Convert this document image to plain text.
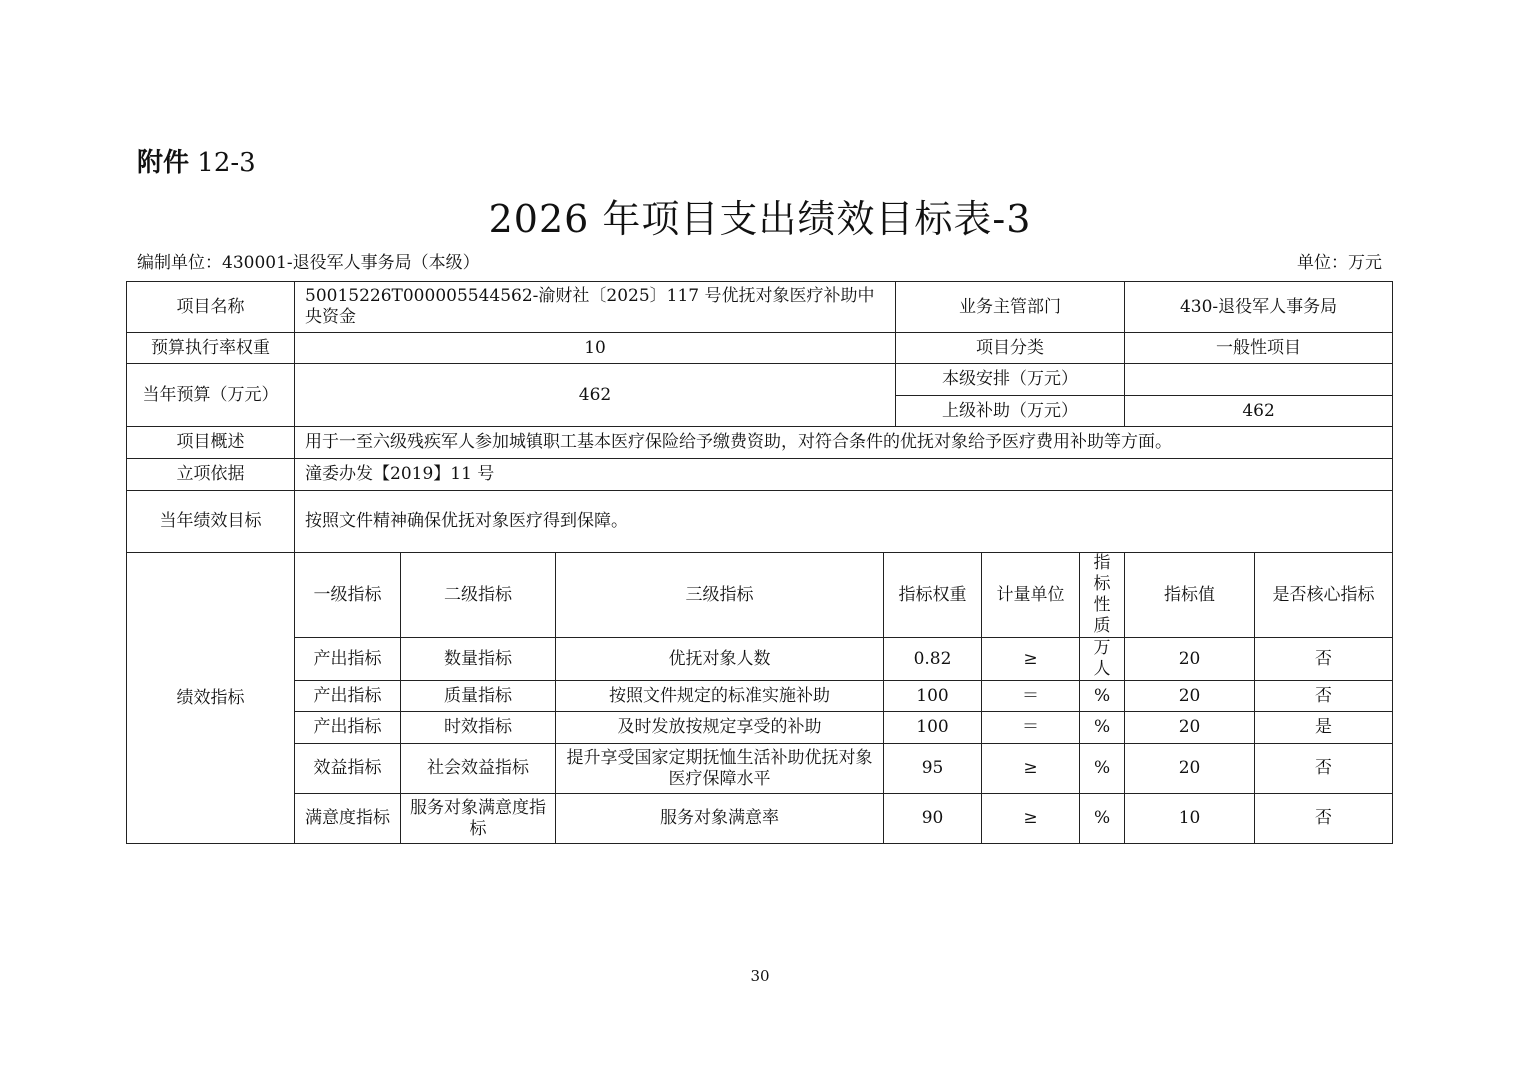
附件 12-3
2026 年项目支出绩效目标表-3
编制单位：430001-退役军人事务局（本级）	单位：万元
项目名称	50015226T000005544562-渝财社〔2025〕117 号优抚对象医疗补助中央资金				业务主管部门			430-退役军人事务局	
预算执行率权重	10				项目分类			一般性项目	
当年预算（万元）	462				本级安排（万元）				
					上级补助（万元）			462	
项目概述	用于一至六级残疾军人参加城镇职工基本医疗保险给予缴费资助，对符合条件的优抚对象给予医疗费用补助等方面。								
立项依据	潼委办发【2019】11 号								
当年绩效目标	按照文件精神确保优抚对象医疗得到保障。								
绩效指标	一级指标	二级指标	三级指标	指标权重		计量单位	指标性质	指标值	是否核心指标
	产出指标	数量指标	优抚对象人数	0.82		≥	万人	20	否
	产出指标	质量指标	按照文件规定的标准实施补助	100		＝	%	20	否
	产出指标	时效指标	及时发放按规定享受的补助	100		＝	%	20	是
	效益指标	社会效益指标	提升享受国家定期抚恤生活补助优抚对象医疗保障水平	95		≥	%	20	否
	满意度指标	服务对象满意度指标	服务对象满意率	90		≥	%	10	否
30
